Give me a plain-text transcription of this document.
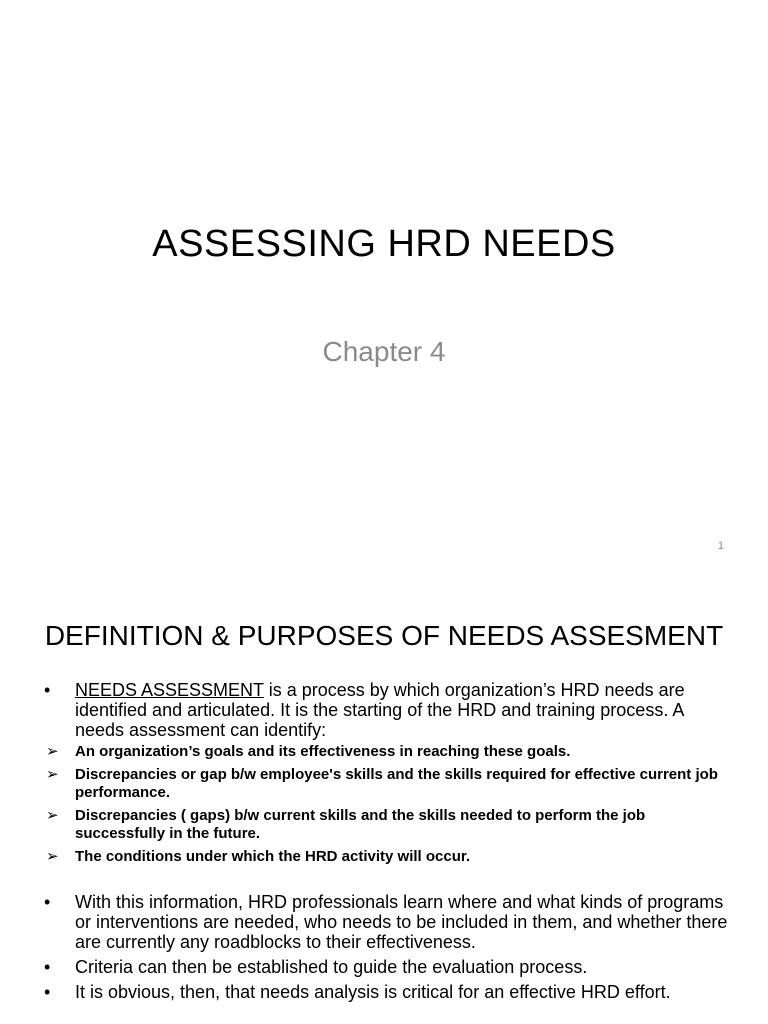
ASSESSING HRD NEEDS
Chapter 4
1
DEFINITION & PURPOSES OF NEEDS ASSESMENT
•	NEEDS ASSESSMENT is a process by which organization’s HRD needs are identified and articulated. It is the starting of the HRD and training process. A needs assessment can identify:
➢ An organization’s goals and its effectiveness in reaching these goals.
➢ Discrepancies or gap b/w employee's skills and the skills required for effective current job performance.
➢ Discrepancies ( gaps) b/w current skills and the skills needed to perform the job successfully in the future.
➢ The conditions under which the HRD activity will occur.
•	With this information, HRD professionals learn where and what kinds of programs or interventions are needed, who needs to be included in them, and whether there are currently any roadblocks to their effectiveness.
•	Criteria can then be established to guide the evaluation process.
•	It is obvious, then, that needs analysis is critical for an effective HRD effort.
